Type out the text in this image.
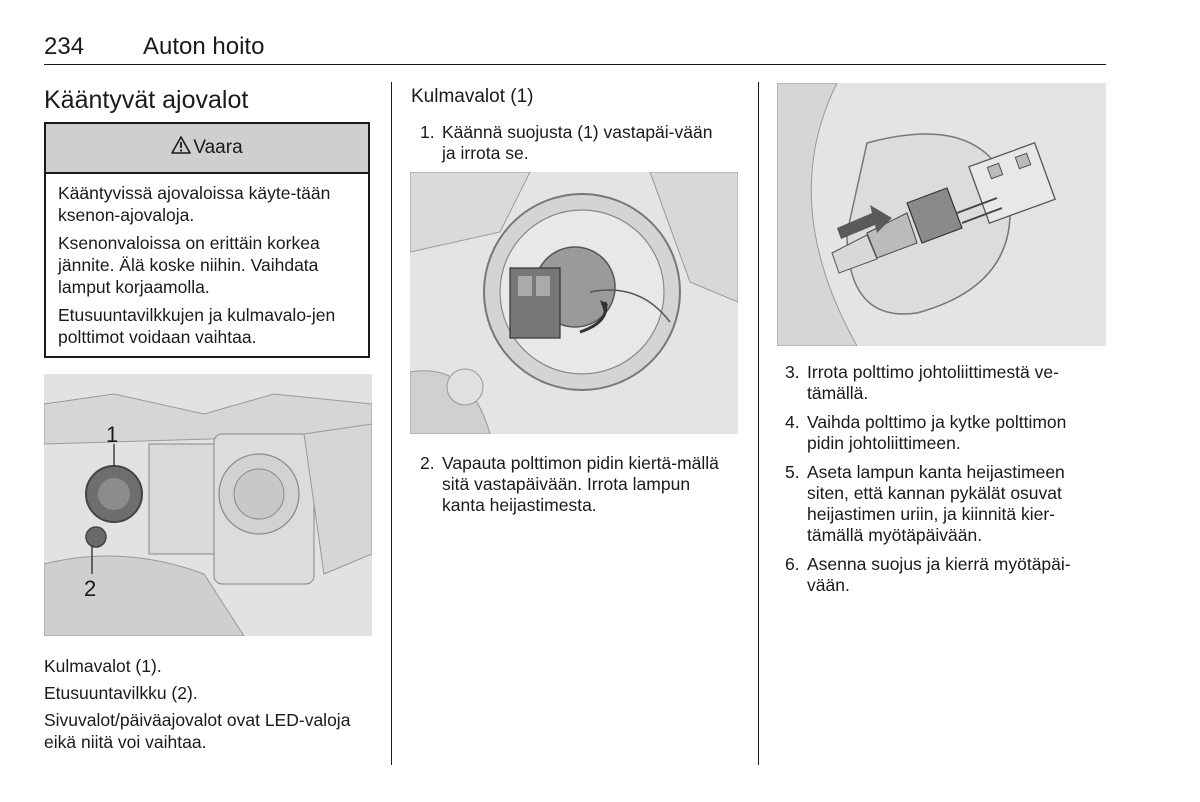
234 Auton hoito
Kääntyvät ajovalot
Vaara

Kääntyvissä ajovaloissa käyte-tään ksenon-ajovaloja.

Ksenonvaloissa on erittäin korkea jännite. Älä koske niihin. Vaihdata lamput korjaamolla.

Etusuuntavilkkujen ja kulmavalo-jen polttimot voidaan vaihtaa.

1
2
Kulmavalot (1).
Etusuuntavilkku (2).
Sivuvalot/päiväajovalot ovat LED-valoja eikä niitä voi vaihtaa.
Kulmavalot (1)
1. Käännä suojusta (1) vastapäi-vään ja irrota se.
2. Vapauta polttimon pidin kiertä-mällä sitä vastapäivään. Irrota lampun kanta heijastimesta.
3. Irrota polttimo johtoliittimestä ve-tämällä.
4. Vaihda polttimo ja kytke polttimon pidin johtoliittimeen.
5. Aseta lampun kanta heijastimeen siten, että kannan pykälät osuvat heijastimen uriin, ja kiinnitä kier-tämällä myötäpäivään.
6. Asenna suojus ja kierrä myötäpäi-vään.
